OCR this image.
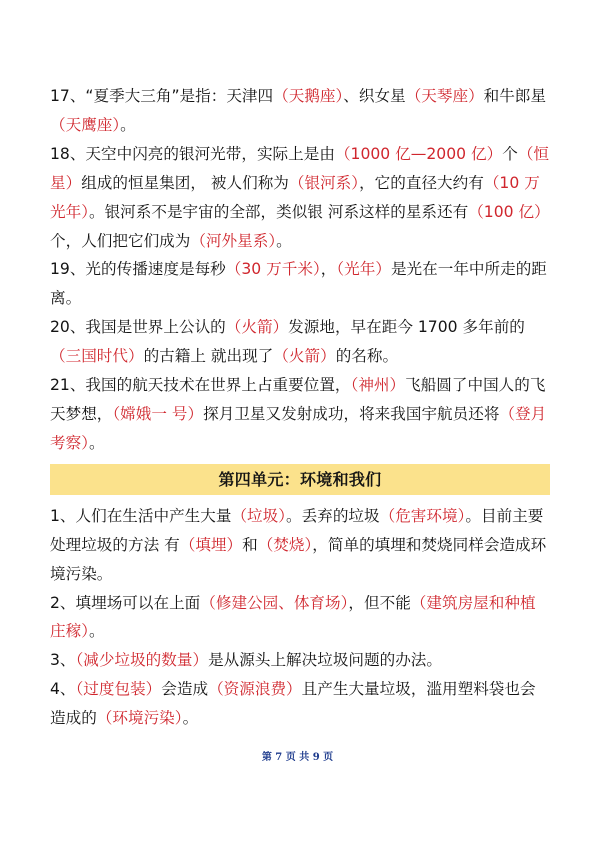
17、“夏季大三角”是指：天津四（天鹅座）、织女星（天琴座）和牛郎星（天鹰座）。

18、天空中闪亮的银河光带，实际上是由（1000 亿—2000 亿）个（恒星）组成的恒星集团， 被人们称为（银河系），它的直径大约有（10 万光年）。银河系不是宇宙的全部，类似银 河系这样的星系还有（100 亿）个，人们把它们成为（河外星系）。

19、光的传播速度是每秒（30 万千米），（光年）是光在一年中所走的距离。

20、我国是世界上公认的（火箭）发源地，早在距今 1700 多年前的（三国时代）的古籍上 就出现了（火箭）的名称。

21、我国的航天技术在世界上占重要位置，（神州）飞船圆了中国人的飞天梦想，（嫦娥一 号）探月卫星又发射成功，将来我国宇航员还将（登月考察）。

第四单元：环境和我们

1、人们在生活中产生大量（垃圾）。丢弃的垃圾（危害环境）。目前主要处理垃圾的方法 有（填埋）和（焚烧），简单的填埋和焚烧同样会造成环境污染。

2、填埋场可以在上面（修建公园、体育场），但不能（建筑房屋和种植庄稼）。

3、（减少垃圾的数量）是从源头上解决垃圾问题的办法。

4、（过度包装）会造成（资源浪费）且产生大量垃圾，滥用塑料袋也会造成的（环境污染）。

第 7 页 共 9 页
